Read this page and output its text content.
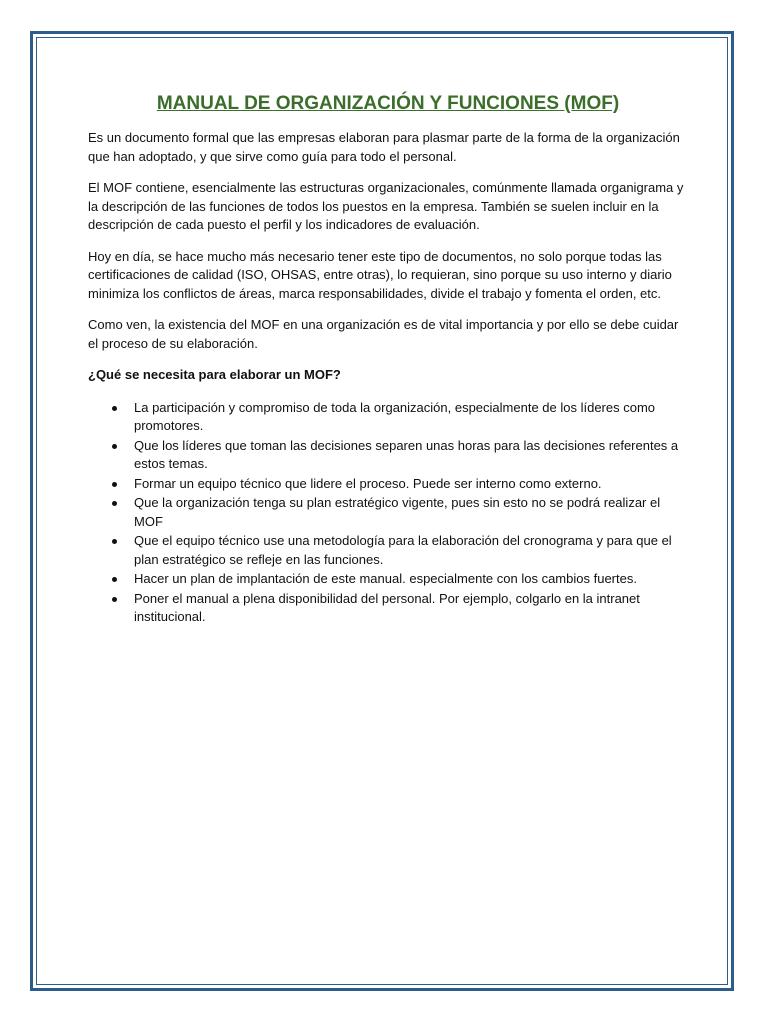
MANUAL DE ORGANIZACIÓN Y FUNCIONES (MOF)

Es un documento formal que las empresas elaboran para plasmar parte de la forma de la organización que han adoptado, y que sirve como guía para todo el personal.

El MOF contiene, esencialmente las estructuras organizacionales, comúnmente llamada organigrama y la descripción de las funciones de todos los puestos en la empresa. También se suelen incluir en la descripción de cada puesto el perfil y los indicadores de evaluación.

Hoy en día, se hace mucho más necesario tener este tipo de documentos, no solo porque todas las certificaciones de calidad (ISO, OHSAS, entre otras), lo requieran, sino porque su uso interno y diario minimiza los conflictos de áreas, marca responsabilidades, divide el trabajo y fomenta el orden, etc.

Como ven, la existencia del MOF en una organización es de vital importancia y por ello se debe cuidar el proceso de su elaboración.

¿Qué se necesita para elaborar un MOF?
La participación y compromiso de toda la organización, especialmente de los líderes como promotores.
Que los líderes que toman las decisiones separen unas horas para las decisiones referentes a estos temas.
Formar un equipo técnico que lidere el proceso. Puede ser interno como externo.
Que la organización tenga su plan estratégico vigente, pues sin esto no se podrá realizar el MOF
Que el equipo técnico use una metodología para la elaboración del cronograma y para que el plan estratégico se refleje en las funciones.
Hacer un plan de implantación de este manual. especialmente con los cambios fuertes.
Poner el manual a plena disponibilidad del personal. Por ejemplo, colgarlo en la intranet institucional.
